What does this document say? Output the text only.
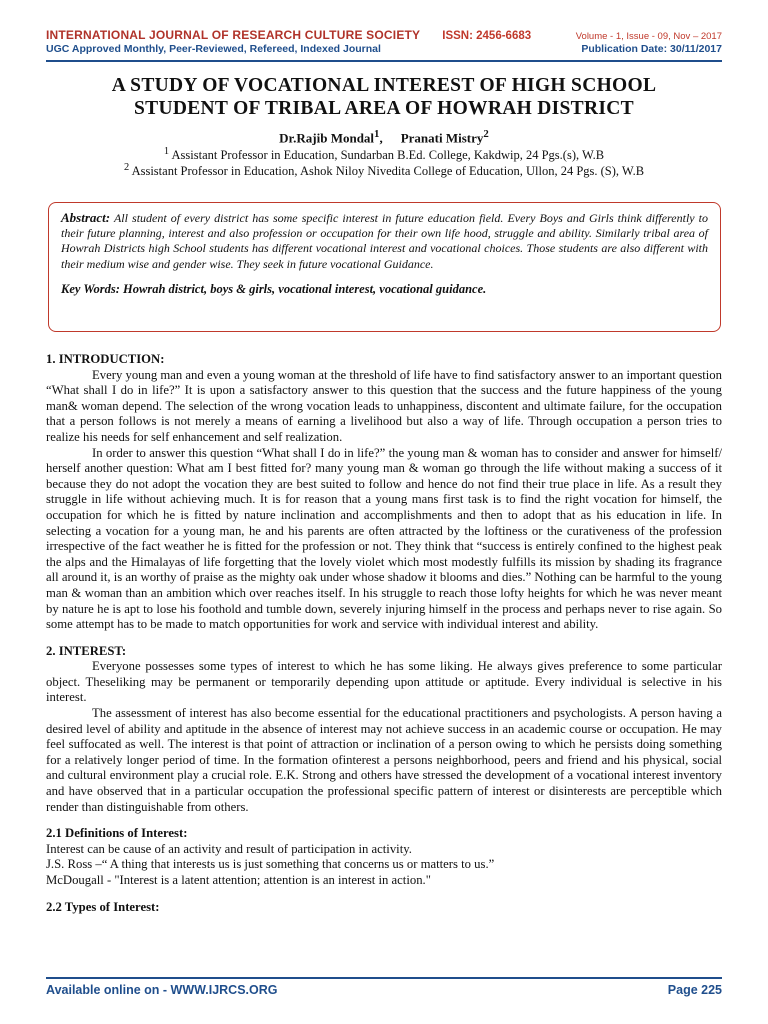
INTERNATIONAL JOURNAL OF RESEARCH CULTURE SOCIETY ISSN: 2456-6683	Volume - 1, Issue - 09, Nov – 2017
UGC Approved Monthly, Peer-Reviewed, Refereed, Indexed Journal	Publication Date: 30/11/2017
A STUDY OF VOCATIONAL INTEREST OF HIGH SCHOOL
STUDENT OF TRIBAL AREA OF HOWRAH DISTRICT
Dr.Rajib Mondal$^1$, Pranati Mistry$^2$
$^1$ Assistant Professor in Education, Sundarban B.Ed. College, Kakdwip, 24 Pgs.(s), W.B
$^2$ Assistant Professor in Education, Ashok Niloy Nivedita College of Education, Ullon, 24 Pgs. (S), W.B
Abstract: All student of every district has some specific interest in future education field. Every Boys and Girls think differently to their future planning, interest and also profession or occupation for their own life hood, struggle and ability. Similarly tribal area of Howrah Districts high School students has different vocational interest and vocational choices. Those students are also different with their medium wise and gender wise. They seek in future vocational Guidance.
Key Words: Howrah district, boys & girls, vocational interest, vocational guidance.

1. INTRODUCTION:

Every young man and even a young woman at the threshold of life have to find satisfactory answer to an important question “What shall I do in life?” It is upon a satisfactory answer to this question that the success and the future happiness of the young man& woman depend. The selection of the wrong vocation leads to unhappiness, discontent and ultimate failure, for the occupation that a person follows is not merely a means of earning a livelihood but also a way of life. Through occupation a person tries to realize his needs for self enhancement and self realization.

In order to answer this question “What shall I do in life?” the young man & woman has to consider and answer for himself/ herself another question: What am I best fitted for? many young man & woman go through the life without making a success of it because they do not adopt the vocation they are best suited to follow and hence do not find their true place in life. As a result they struggle in life without achieving much. It is for reason that a young mans first task is to find the right vocation for himself, the occupation for which he is fitted by nature inclination and accomplishments and then to adopt that as his education in life. In selecting a vocation for a young man, he and his parents are often attracted by the loftiness or the curativeness of the profession irrespective of the fact weather he is fitted for the profession or not. They think that “success is entirely confined to the highest peak the alps and the Himalayas of life forgetting that the lovely violet which most modestly fulfills its mission by shading its fragrance all around it, is an worthy of praise as the mighty oak under whose shadow it blooms and dies.” Nothing can be harmful to the young man & woman than an ambition which over reaches itself. In his struggle to reach those lofty heights for which he was never meant by nature he is apt to lose his foothold and tumble down, severely injuring himself in the process and perhaps never to rise again. So some attempt has to be made to match opportunities for work and service with individual interest and ability.

2. INTEREST:

Everyone possesses some types of interest to which he has some liking. He always gives preference to some particular object. Theseliking may be permanent or temporarily depending upon attitude or aptitude. Every individual is selective in his interest.

The assessment of interest has also become essential for the educational practitioners and psychologists. A person having a desired level of ability and aptitude in the absence of interest may not achieve success in an academic course or occupation. He may feel suffocated as well. The interest is that point of attraction or inclination of a person owing to which he persists doing something for a relatively longer period of time. In the formation ofinterest a persons neighborhood, peers and friend and his physical, social and cultural environment play a crucial role. E.K. Strong and others have stressed the development of a vocational interest inventory and have observed that in a particular occupation the professional specific pattern of interest or disinterests are perceptible which render than distinguishable from others.

2.1 Definitions of Interest:

Interest can be cause of an activity and result of participation in activity.

J.S. Ross –“ A thing that interests us is just something that concerns us or matters to us.”

McDougall - "Interest is a latent attention; attention is an interest in action."

2.2 Types of Interest:

Available online on - WWW.IJRCS.ORG	Page 225
